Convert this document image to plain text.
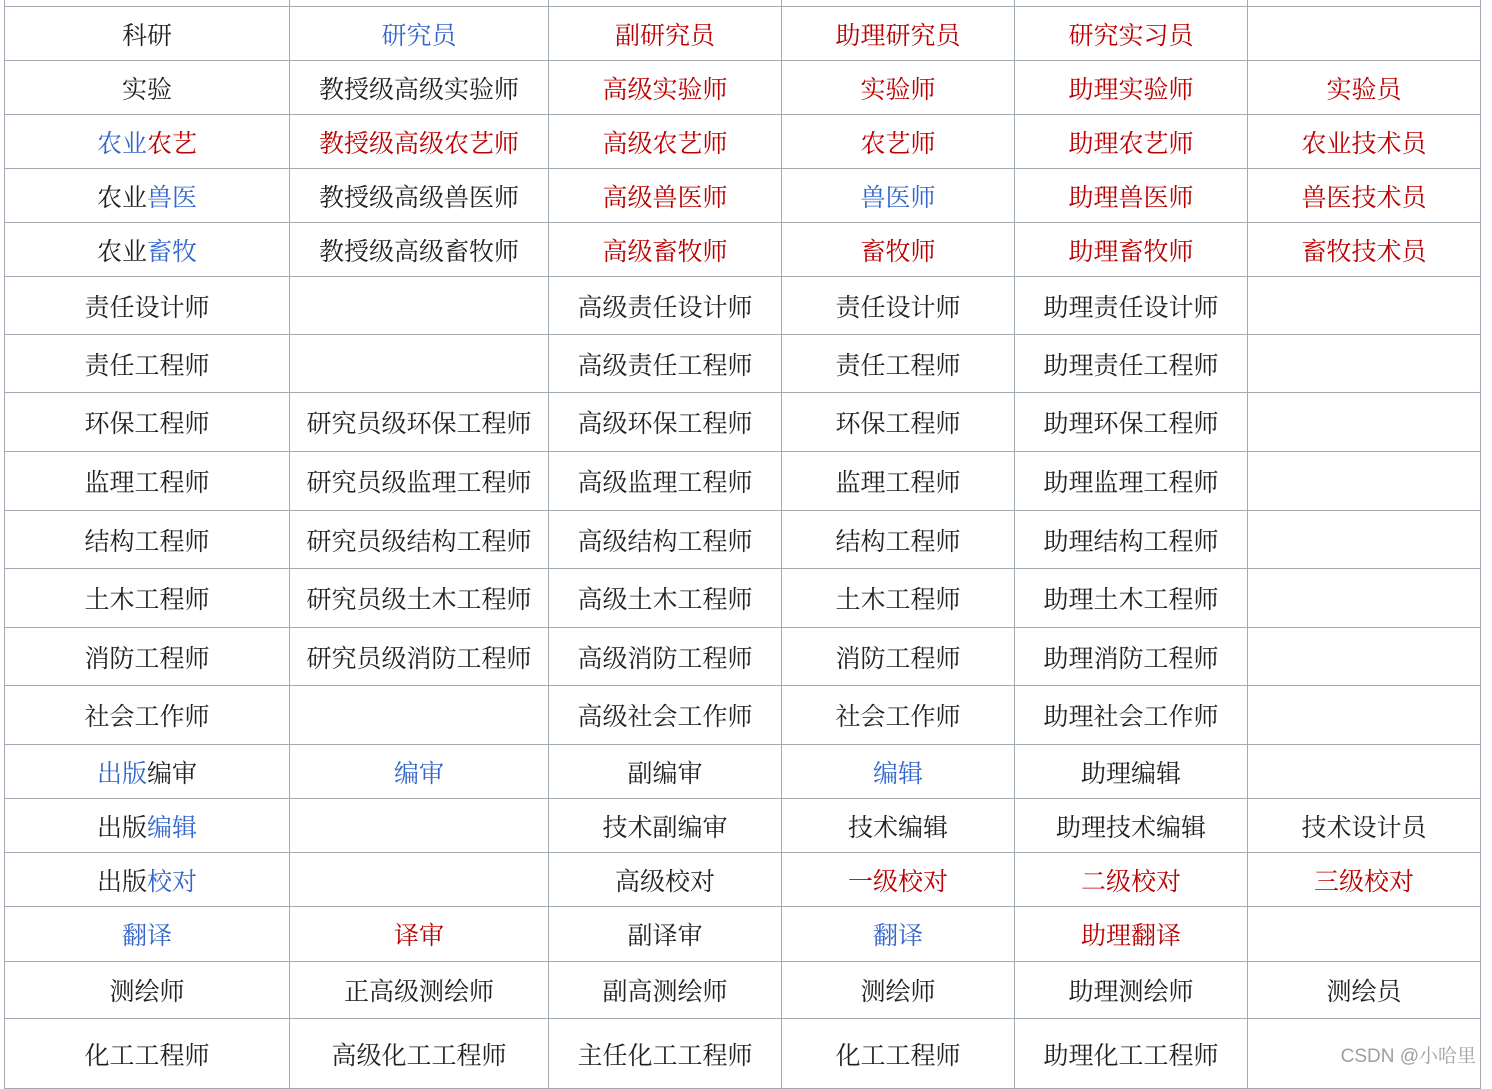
科研	研究员	副研究员	助理研究员	研究实习员	
实验	教授级高级实验师	高级实验师	实验师	助理实验师	实验员
农业农艺	教授级高级农艺师	高级农艺师	农艺师	助理农艺师	农业技术员
农业兽医	教授级高级兽医师	高级兽医师	兽医师	助理兽医师	兽医技术员
农业畜牧	教授级高级畜牧师	高级畜牧师	畜牧师	助理畜牧师	畜牧技术员
责任设计师		高级责任设计师	责任设计师	助理责任设计师	
责任工程师		高级责任工程师	责任工程师	助理责任工程师	
环保工程师	研究员级环保工程师	高级环保工程师	环保工程师	助理环保工程师	
监理工程师	研究员级监理工程师	高级监理工程师	监理工程师	助理监理工程师	
结构工程师	研究员级结构工程师	高级结构工程师	结构工程师	助理结构工程师	
土木工程师	研究员级土木工程师	高级土木工程师	土木工程师	助理土木工程师	
消防工程师	研究员级消防工程师	高级消防工程师	消防工程师	助理消防工程师	
社会工作师		高级社会工作师	社会工作师	助理社会工作师	
出版编审	编审	副编审	编辑	助理编辑	
出版编辑		技术副编审	技术编辑	助理技术编辑	技术设计员
出版校对		高级校对	一级校对	二级校对	三级校对
翻译	译审	副译审	翻译	助理翻译	
测绘师	正高级测绘师	副高测绘师	测绘师	助理测绘师	测绘员
化工工程师	高级化工工程师	主任化工工程师	化工工程师	助理化工工程师		CSDN @小哈里
